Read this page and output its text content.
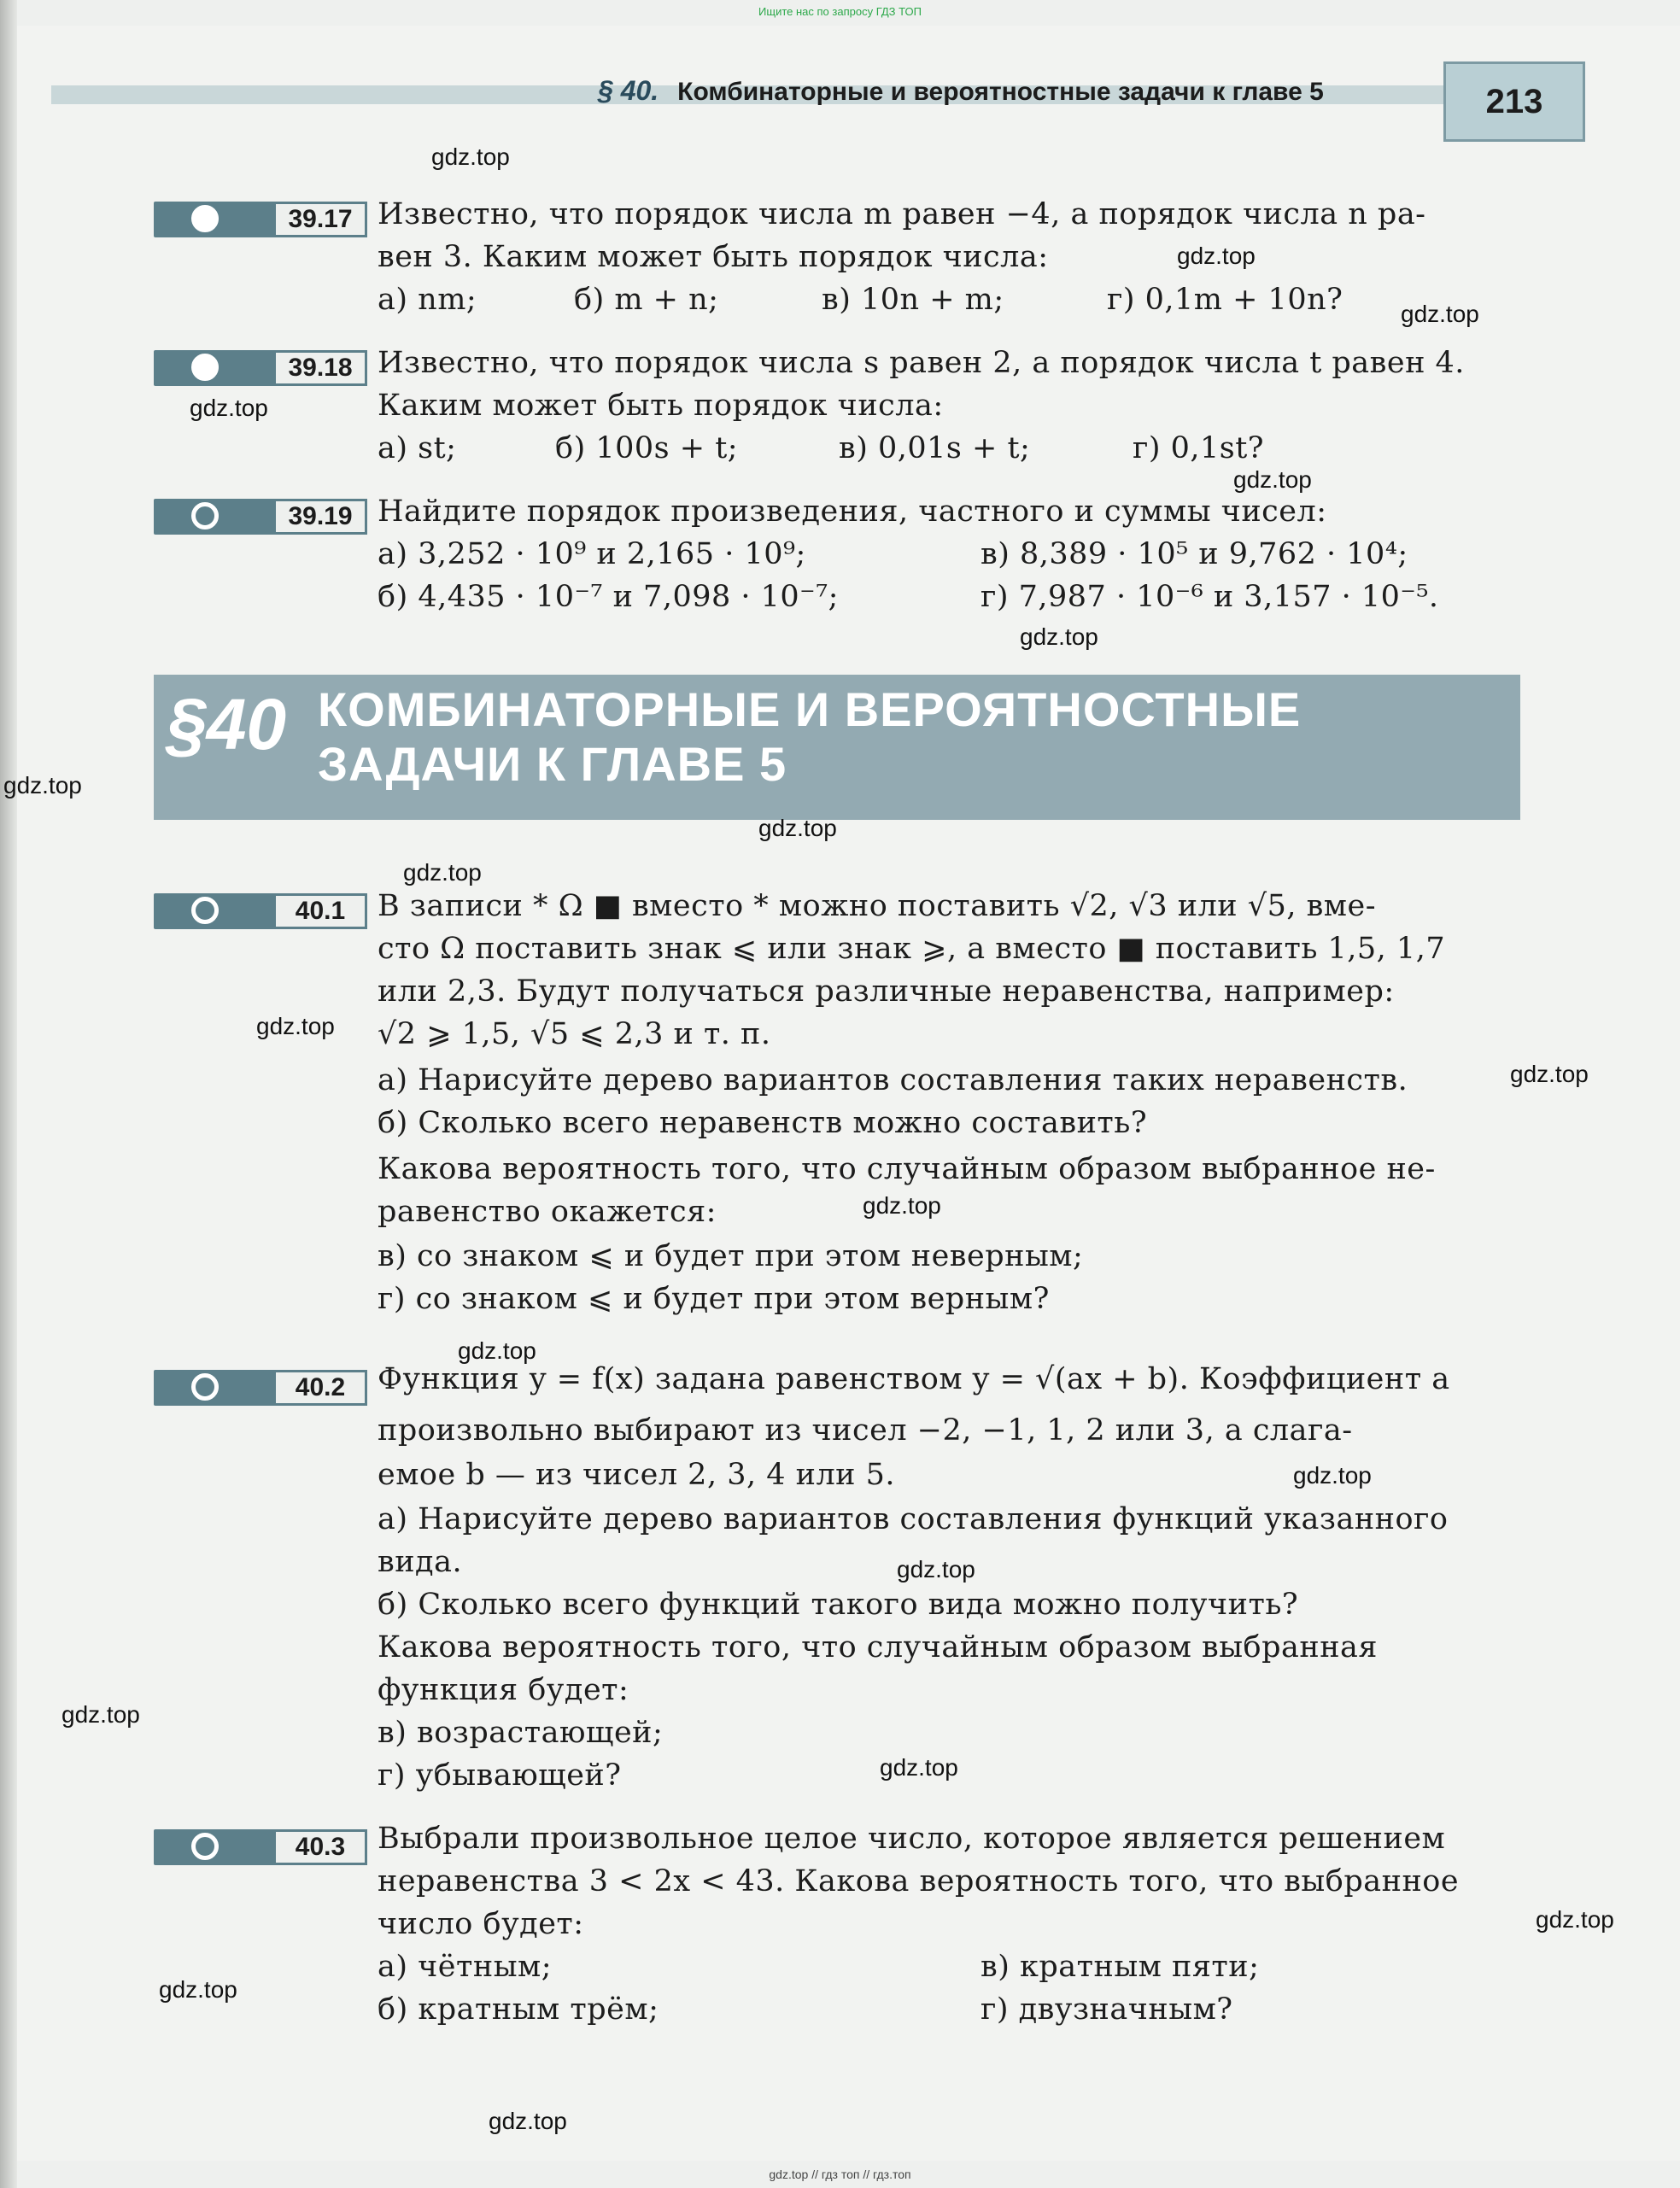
Ищите нас по запросу ГДЗ ТОП
§ 40. Комбинаторные и вероятностные задачи к главе 5	213
39.17 Известно, что порядок числа m равен −4, а порядок числа n ра-
вен 3. Каким может быть порядок числа:
а) nm;	б) m + n;	в) 10n + m;	г) 0,1m + 10n?
39.18 Известно, что порядок числа s равен 2, а порядок числа t равен 4.
Каким может быть порядок числа:
а) st;	б) 100s + t;	в) 0,01s + t;	г) 0,1st?
39.19 Найдите порядок произведения, частного и суммы чисел:
а) 3,252 · 10⁹ и 2,165 · 10⁹;	в) 8,389 · 10⁵ и 9,762 · 10⁴;
б) 4,435 · 10⁻⁷ и 7,098 · 10⁻⁷;	г) 7,987 · 10⁻⁶ и 3,157 · 10⁻⁵.
§40 КОМБИНАТОРНЫЕ И ВЕРОЯТНОСТНЫЕ
ЗАДАЧИ К ГЛАВЕ 5
40.1	В записи * Ω ■ вместо * можно поставить √2, √3 или √5, вме-
сто Ω поставить знак ⩽ или знак ⩾, а вместо ■ поставить 1,5, 1,7
или 2,3. Будут получаться различные неравенства, например:
√2 ⩾ 1,5, √5 ⩽ 2,3 и т. п.
а) Нарисуйте дерево вариантов составления таких неравенств.
б) Сколько всего неравенств можно составить?
Какова вероятность того, что случайным образом выбранное не-
равенство окажется:
в) со знаком ⩽ и будет при этом неверным;
г) со знаком ⩽ и будет при этом верным?
40.2	Функция y = f(x) задана равенством y = √(ax + b). Коэффициент a
произвольно выбирают из чисел −2, −1, 1, 2 или 3, а слага-
емое b — из чисел 2, 3, 4 или 5.
а) Нарисуйте дерево вариантов составления функций указанного
вида.
б) Сколько всего функций такого вида можно получить?
Какова вероятность того, что случайным образом выбранная
функция будет:
в) возрастающей;
г) убывающей?
40.3	Выбрали произвольное целое число, которое является решением
неравенства 3 < 2x < 43. Какова вероятность того, что выбранное
число будет:
а) чётным;	в) кратным пяти;
б) кратным трём;	г) двузначным?
gdz.top
gdz.top
gdz.top
gdz.top
gdz.top
gdz.top
gdz.top
gdz.top
gdz.top
gdz.top
gdz.top
gdz.top
gdz.top
gdz.top
gdz.top
gdz.top
gdz.top
gdz.top
gdz.top
gdz.top
gdz.top // гдз топ // гдз.топ
